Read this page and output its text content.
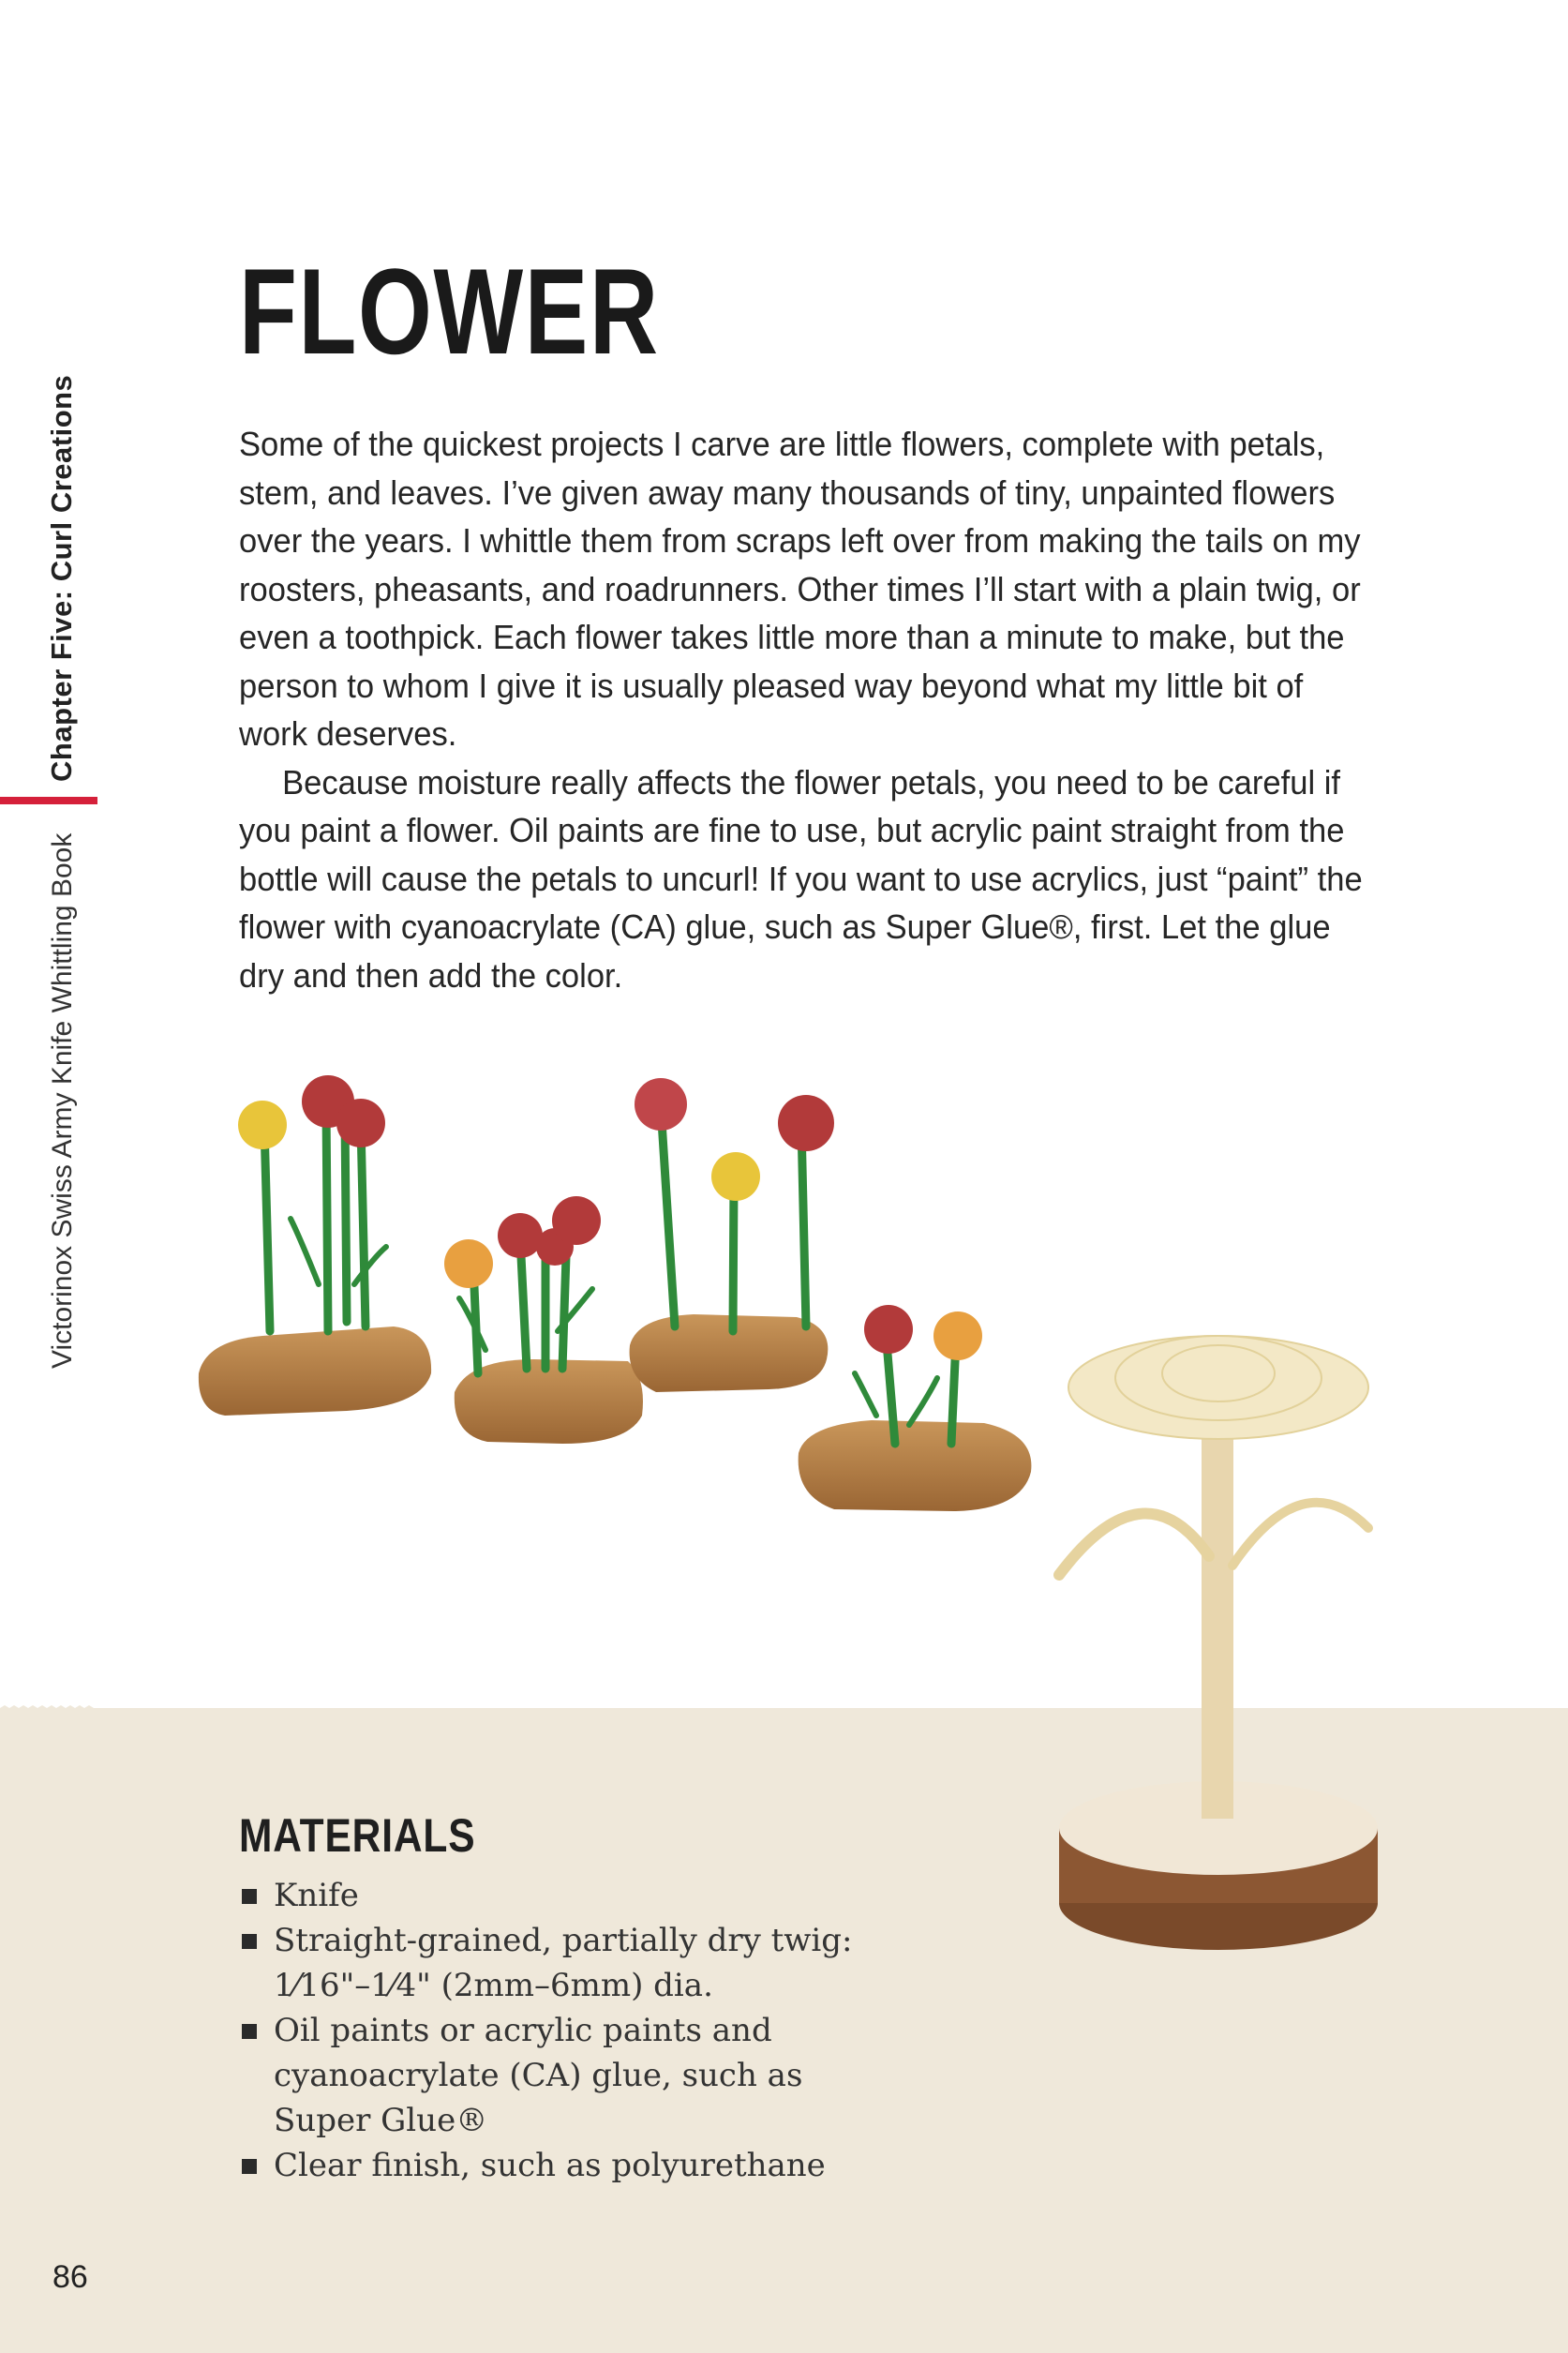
Chapter Five: Curl Creations
Victorinox Swiss Army Knife Whittling Book
FLOWER

Some of the quickest projects I carve are little flowers, complete with petals, stem, and leaves. I’ve given away many thousands of tiny, unpainted flowers over the years. I whittle them from scraps left over from making the tails on my roosters, pheasants, and roadrunners. Other times I’ll start with a plain twig, or even a toothpick. Each flower takes little more than a minute to make, but the person to whom I give it is usually pleased way beyond what my little bit of work deserves.

Because moisture really affects the flower petals, you need to be careful if you paint a flower. Oil paints are fine to use, but acrylic paint straight from the bottle will cause the petals to uncurl! If you want to use acrylics, just “paint” the flower with cyanoacrylate (CA) glue, such as Super Glue®, first. Let the glue dry and then add the color.

MATERIALS
Knife
Straight-grained, partially dry twig:
1⁄16"–1⁄4" (2mm–6mm) dia.
Oil paints or acrylic paints and
cyanoacrylate (CA) glue, such as
Super Glue®
Clear finish, such as polyurethane
86
